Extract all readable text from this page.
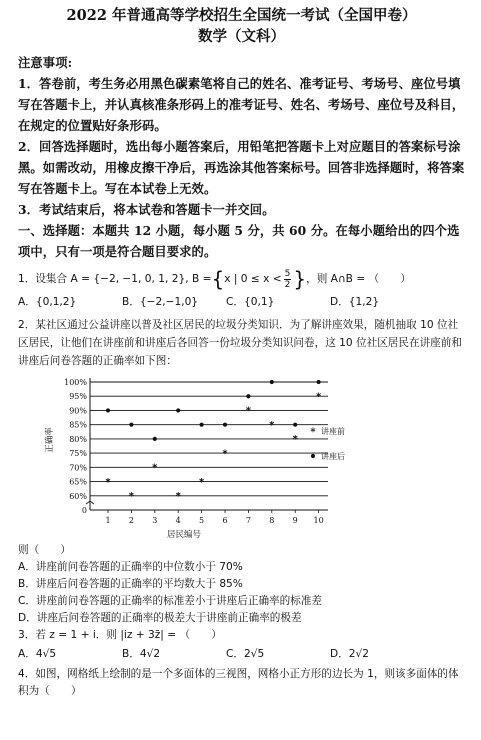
2022 年普通高等学校招生全国统一考试（全国甲卷）
数学（文科）
注意事项:
1．答卷前，考生务必用黑色碳素笔将自己的姓名、准考证号、考场号、座位号填写在答题卡上，并认真核准条形码上的准考证号、姓名、考场号、座位号及科目，在规定的位置贴好条形码。
2．回答选择题时，选出每小题答案后，用铅笔把答题卡上对应题目的答案标号涂黑。如需改动，用橡皮擦干净后，再选涂其他答案标号。回答非选择题时，将答案写在答题卡上。写在本试卷上无效。
3．考试结束后，将本试卷和答题卡一并交回。
一、选择题：本题共 12 小题，每小题 5 分，共 60 分。在每小题给出的四个选项中，只有一项是符合题目要求的。
1．设集合 A = {−2, −1, 0, 1, 2}, B = { x | $0 \le x < \frac{5}{2}$ } ，则 A∩B = （　　）
A．{0,1,2}	B．{−2,−1,0}	C．{0,1}	D．{1,2}
2．某社区通过公益讲座以普及社区居民的垃圾分类知识．为了解讲座效果，随机抽取 10 位社区居民，让他们在讲座前和讲座后各回答一份垃圾分类知识问卷，这 10 位社区居民在讲座前和讲座后问卷答题的正确率如下图：
0
60%
65%
70%
75%
80%
85%
90%
95%
100%
1 2 3 4 5 6 7 8 9 10
居民编号
正确率
*
*
*
*
*
*
*
*
*
*
* 讲座前
讲座后
则（　　）
A．讲座前问卷答题的正确率的中位数小于 70%
B．讲座后问卷答题的正确率的平均数大于 85%
C．讲座前问卷答题的正确率的标准差小于讲座后正确率的标准差
D．讲座后问卷答题的正确率的极差大于讲座前正确率的极差
3．若 z = 1 + i．则 |iz + 3z̄| = （　　）
A．4√5	B．4√2	C．2√5	D．2√2
4．如图，网格纸上绘制的是一个多面体的三视图，网格小正方形的边长为 1，则该多面体的体积为（　　）
